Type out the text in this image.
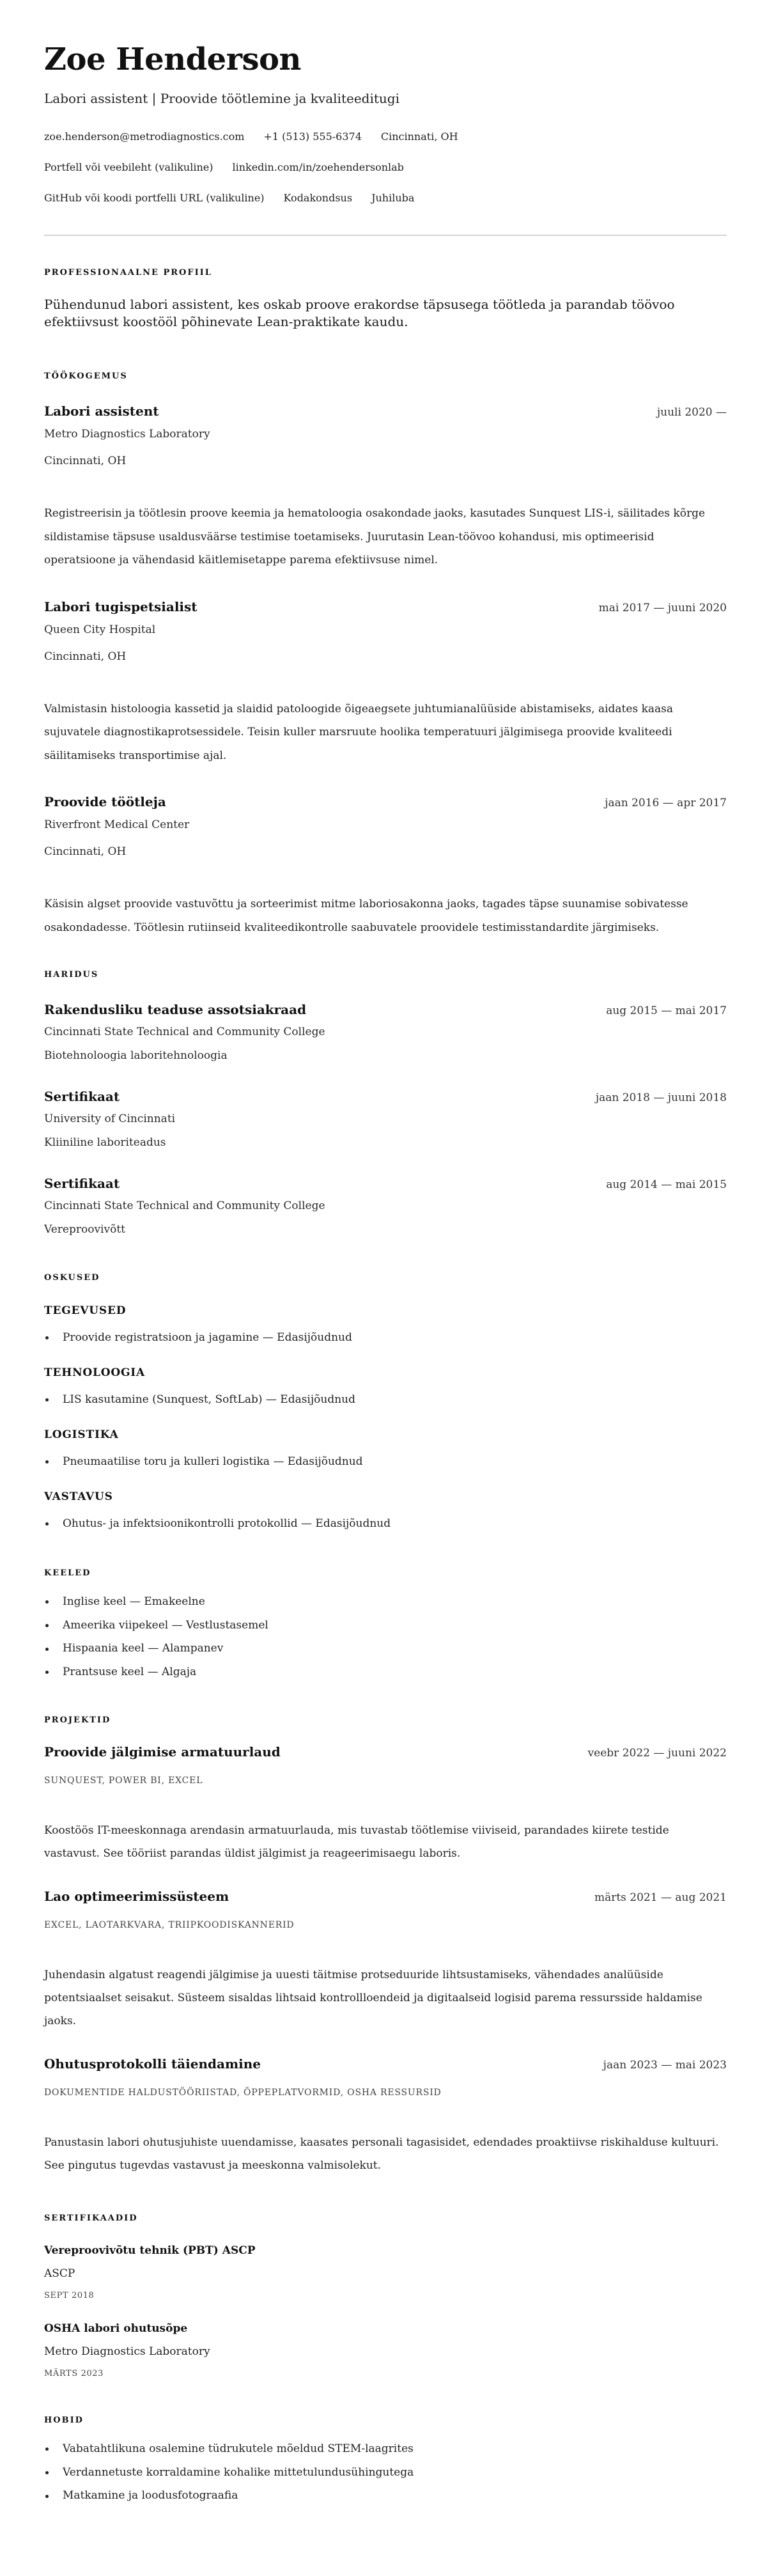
Zoe Henderson
Labori assistent | Proovide töötlemine ja kvaliteeditugi
zoe.henderson@metrodiagnostics.com +1 (513) 555-6374 Cincinnati, OH
Portfell või veebileht (valikuline) linkedin.com/in/zoehendersonlab
GitHub või koodi portfelli URL (valikuline) Kodakondsus Juhiluba
PROFESSIONAALNE PROFIIL
Pühendunud labori assistent, kes oskab proove erakordse täpsusega töötleda ja parandab töövoo efektiivsust koostööl põhinevate Lean-praktikate kaudu.
TÖÖKOGEMUS
Labori assistent	juuli 2020 —
Metro Diagnostics Laboratory
Cincinnati, OH
Registreerisin ja töötlesin proove keemia ja hematoloogia osakondade jaoks, kasutades Sunquest LIS-i, säilitades kõrge sildistamise täpsuse usaldusväärse testimise toetamiseks. Juurutasin Lean-töövoo kohandusi, mis optimeerisid operatsioone ja vähendasid käitlemisetappe parema efektiivsuse nimel.
Labori tugispetsialist	mai 2017 — juuni 2020
Queen City Hospital
Cincinnati, OH
Valmistasin histoloogia kassetid ja slaidid patoloogide õigeaegsete juhtumianalüüside abistamiseks, aidates kaasa sujuvatele diagnostikaprotsessidele. Teisin kuller marsruute hoolika temperatuuri jälgimisega proovide kvaliteedi säilitamiseks transportimise ajal.
Proovide töötleja	jaan 2016 — apr 2017
Riverfront Medical Center
Cincinnati, OH
Käsisin algset proovide vastuvõttu ja sorteerimist mitme laboriosakonna jaoks, tagades täpse suunamise sobivatesse osakondadesse. Töötlesin rutiinseid kvaliteedikontrolle saabuvatele proovidele testimisstandardite järgimiseks.
HARIDUS
Rakendusliku teaduse assotsiakraad	aug 2015 — mai 2017
Cincinnati State Technical and Community College
Biotehnoloogia laboritehnoloogia
Sertifikaat	jaan 2018 — juuni 2018
University of Cincinnati
Kliiniline laboriteadus
Sertifikaat	aug 2014 — mai 2015
Cincinnati State Technical and Community College
Vereproovivõtt
OSKUSED
TEGEVUSED
Proovide registratsioon ja jagamine — Edasijõudnud
TEHNOLOOGIA
LIS kasutamine (Sunquest, SoftLab) — Edasijõudnud
LOGISTIKA
Pneumaatilise toru ja kulleri logistika — Edasijõudnud
VASTAVUS
Ohutus- ja infektsioonikontrolli protokollid — Edasijõudnud
KEELED
Inglise keel — Emakeelne
Ameerika viipekeel — Vestlustasemel
Hispaania keel — Alampanev
Prantsuse keel — Algaja
PROJEKTID
Proovide jälgimise armatuurlaud	veebr 2022 — juuni 2022
SUNQUEST, POWER BI, EXCEL
Koostöös IT-meeskonnaga arendasin armatuurlauda, mis tuvastab töötlemise viiviseid, parandades kiirete testide vastavust. See tööriist parandas üldist jälgimist ja reageerimisaegu laboris.
Lao optimeerimissüsteem	märts 2021 — aug 2021
EXCEL, LAOTARKVARA, TRIIPKOODISKANNERID
Juhendasin algatust reagendi jälgimise ja uuesti täitmise protseduuride lihtsustamiseks, vähendades analüüside potentsiaalset seisakut. Süsteem sisaldas lihtsaid kontrollloendeid ja digitaalseid logisid parema ressursside haldamise jaoks.
Ohutusprotokolli täiendamine	jaan 2023 — mai 2023
DOKUMENTIDE HALDUSTÖÖRIISTAD, ÕPPEPLATVORMID, OSHA RESSURSID
Panustasin labori ohutusjuhiste uuendamisse, kaasates personali tagasisidet, edendades proaktiivse riskihalduse kultuuri. See pingutus tugevdas vastavust ja meeskonna valmisolekut.
SERTIFIKAADID
Vereproovivõtu tehnik (PBT) ASCP
ASCP
SEPT 2018
OSHA labori ohutusõpe
Metro Diagnostics Laboratory
MÄRTS 2023
HOBID
Vabatahtlikuna osalemine tüdrukutele mõeldud STEM-laagrites
Verdannetuste korraldamine kohalike mittetulundusühingutega
Matkamine ja loodusfotograafia
